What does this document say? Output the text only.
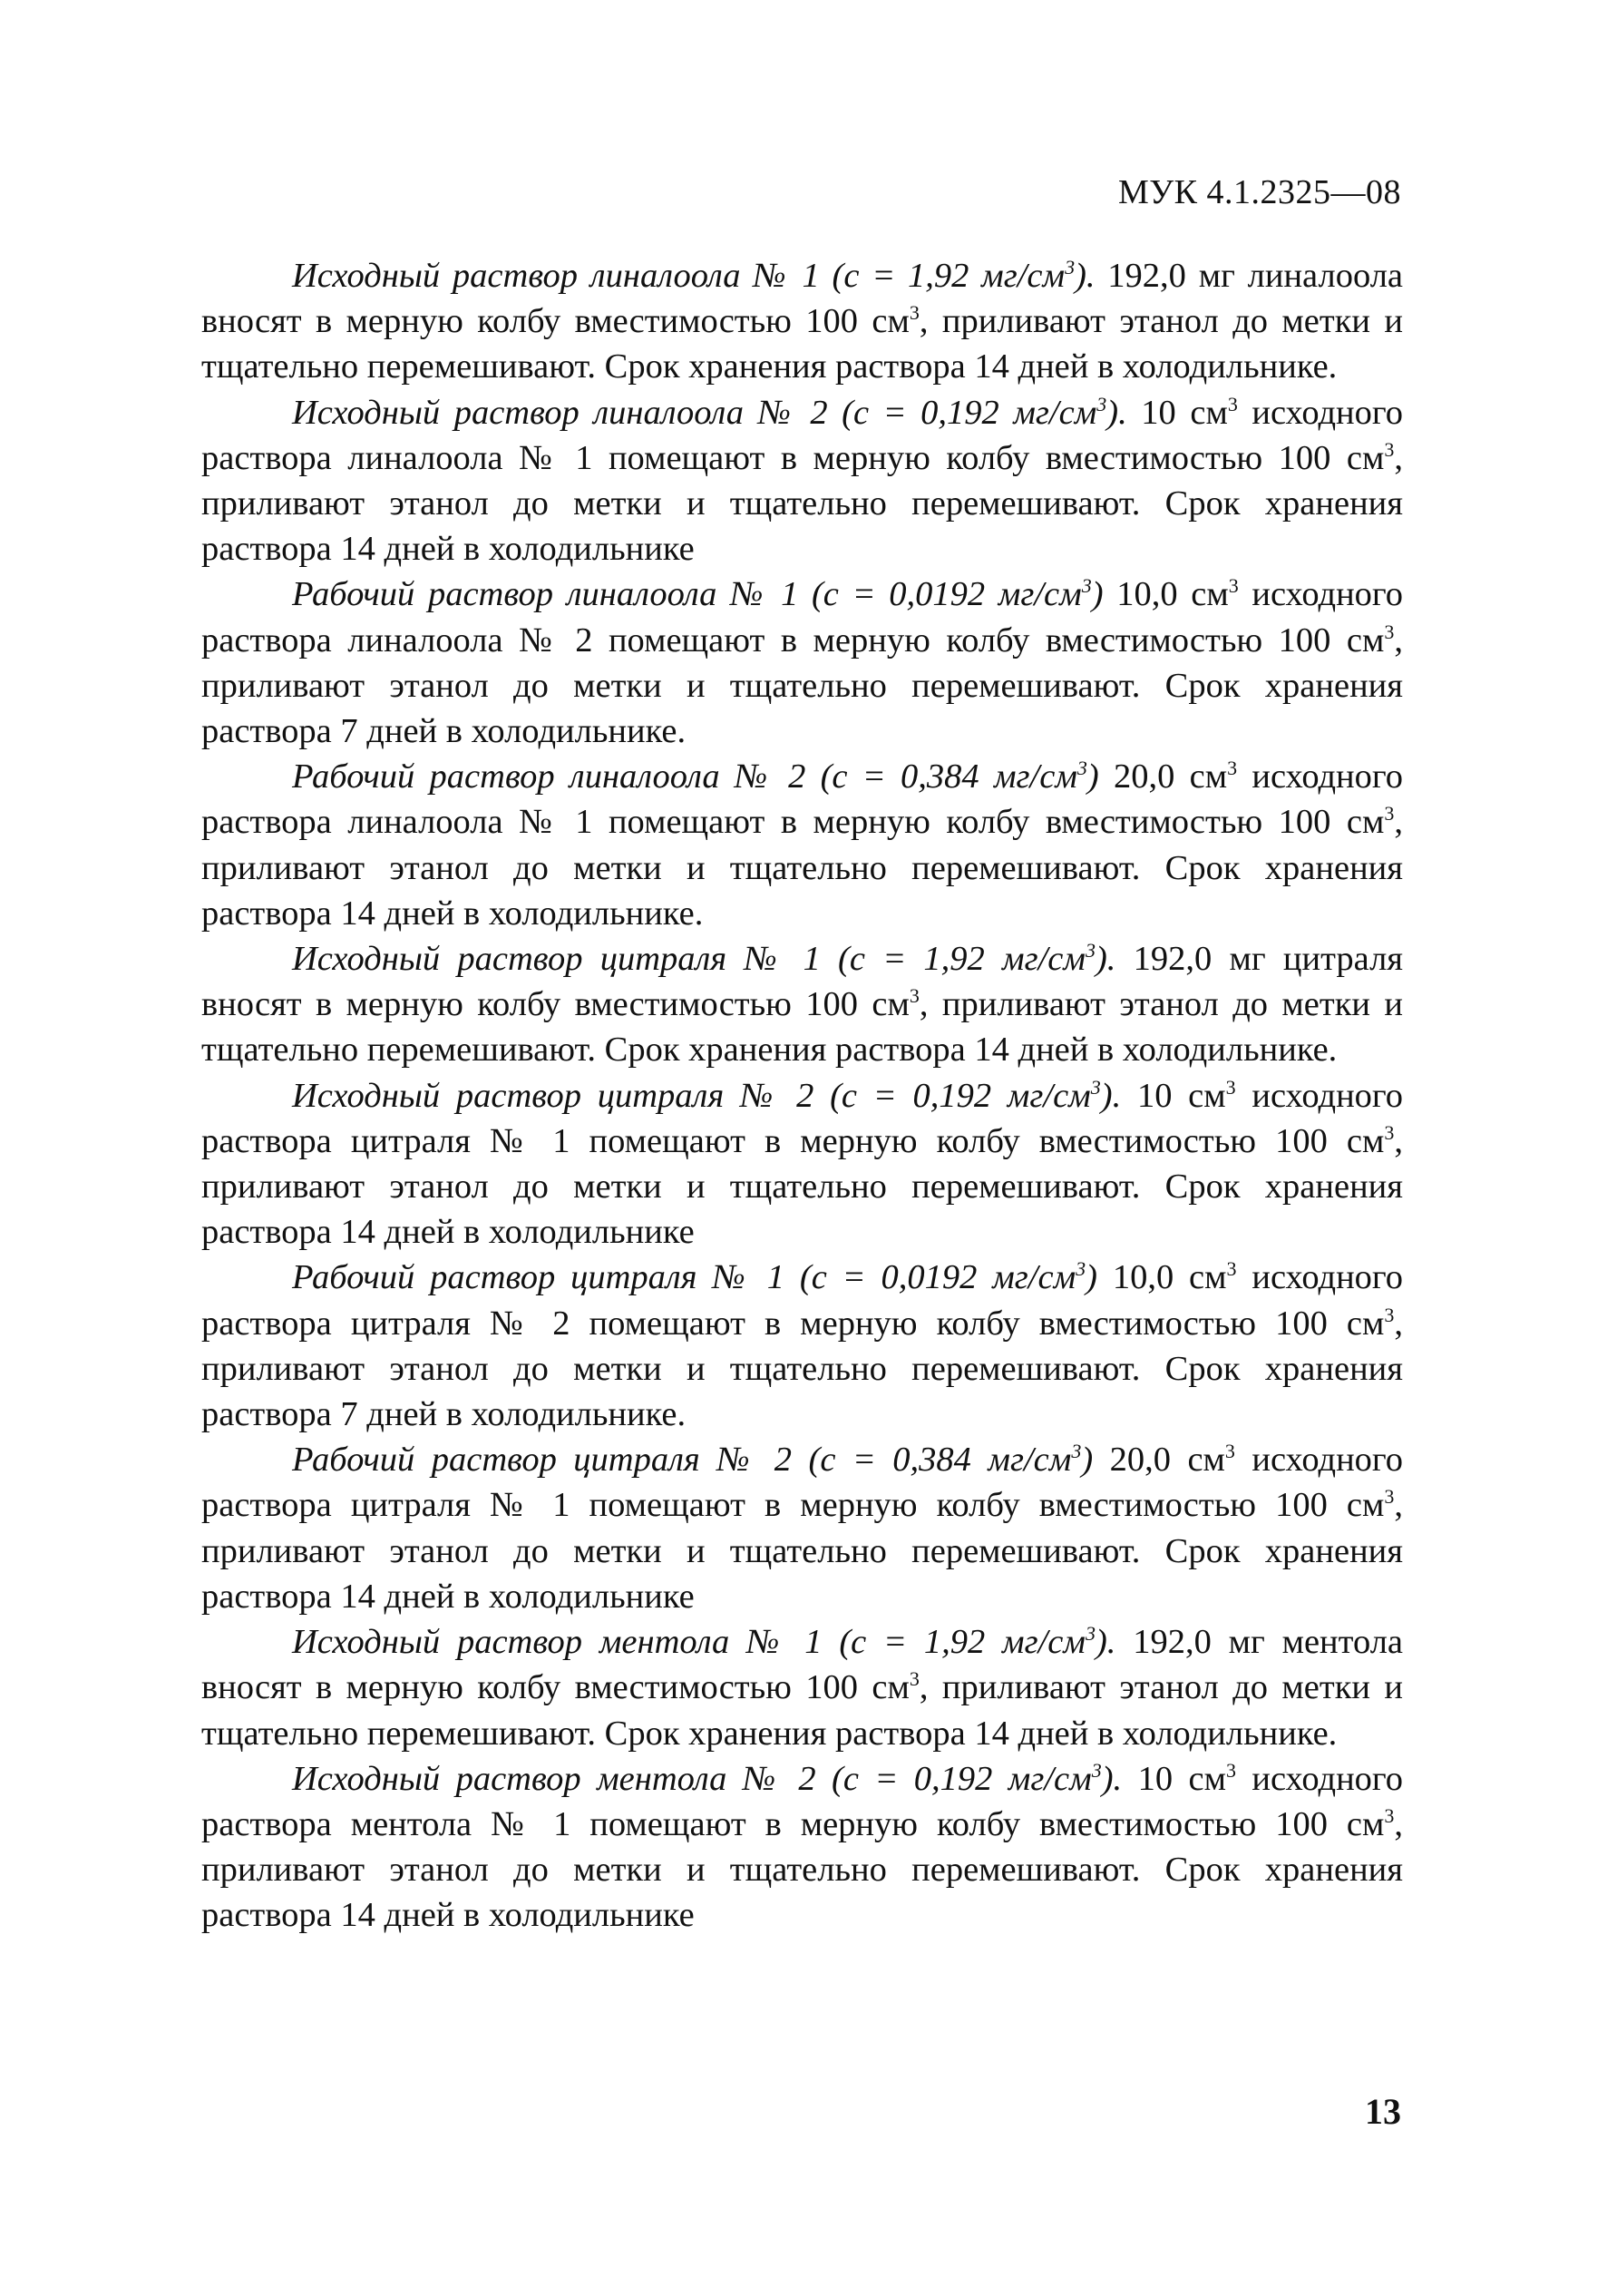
МУК 4.1.2325—08

Исходный раствор линалоола № 1 (с = 1,92 $мг/см^3$). 192,0 мг линалоола вносят в мерную колбу вместимостью 100 $см^3$, приливают этанол до метки и тщательно перемешивают. Срок хранения раствора 14 дней в холодильнике.

Исходный раствор линалоола № 2 (с = 0,192 $мг/см^3$). 10 $см^3$ исходного раствора линалоола № 1 помещают в мерную колбу вместимостью 100 $см^3$, приливают этанол до метки и тщательно перемешивают. Срок хранения раствора 14 дней в холодильнике

Рабочий раствор линалоола № 1 (с = 0,0192 $мг/см^3$) 10,0 $см^3$ исходного раствора линалоола № 2 помещают в мерную колбу вместимостью 100 $см^3$, приливают этанол до метки и тщательно перемешивают. Срок хранения раствора 7 дней в холодильнике.

Рабочий раствор линалоола № 2 (с = 0,384 $мг/см^3$) 20,0 $см^3$ исходного раствора линалоола № 1 помещают в мерную колбу вместимостью 100 $см^3$, приливают этанол до метки и тщательно перемешивают. Срок хранения раствора 14 дней в холодильнике.

Исходный раствор цитраля № 1 (с = 1,92 $мг/см^3$). 192,0 мг цитраля вносят в мерную колбу вместимостью 100 $см^3$, приливают этанол до метки и тщательно перемешивают. Срок хранения раствора 14 дней в холодильнике.

Исходный раствор цитраля № 2 (с = 0,192 $мг/см^3$). 10 $см^3$ исходного раствора цитраля № 1 помещают в мерную колбу вместимостью 100 $см^3$, приливают этанол до метки и тщательно перемешивают. Срок хранения раствора 14 дней в холодильнике

Рабочий раствор цитраля № 1 (с = 0,0192 $мг/см^3$) 10,0 $см^3$ исходного раствора цитраля № 2 помещают в мерную колбу вместимостью 100 $см^3$, приливают этанол до метки и тщательно перемешивают. Срок хранения раствора 7 дней в холодильнике.

Рабочий раствор цитраля № 2 (с = 0,384 $мг/см^3$) 20,0 $см^3$ исходного раствора цитраля № 1 помещают в мерную колбу вместимостью 100 $см^3$, приливают этанол до метки и тщательно перемешивают. Срок хранения раствора 14 дней в холодильнике

Исходный раствор ментола № 1 (с = 1,92 $мг/см^3$). 192,0 мг ментола вносят в мерную колбу вместимостью 100 $см^3$, приливают этанол до метки и тщательно перемешивают. Срок хранения раствора 14 дней в холодильнике.

Исходный раствор ментола № 2 (с = 0,192 $мг/см^3$). 10 $см^3$ исходного раствора ментола № 1 помещают в мерную колбу вместимостью 100 $см^3$, приливают этанол до метки и тщательно перемешивают. Срок хранения раствора 14 дней в холодильнике

13
